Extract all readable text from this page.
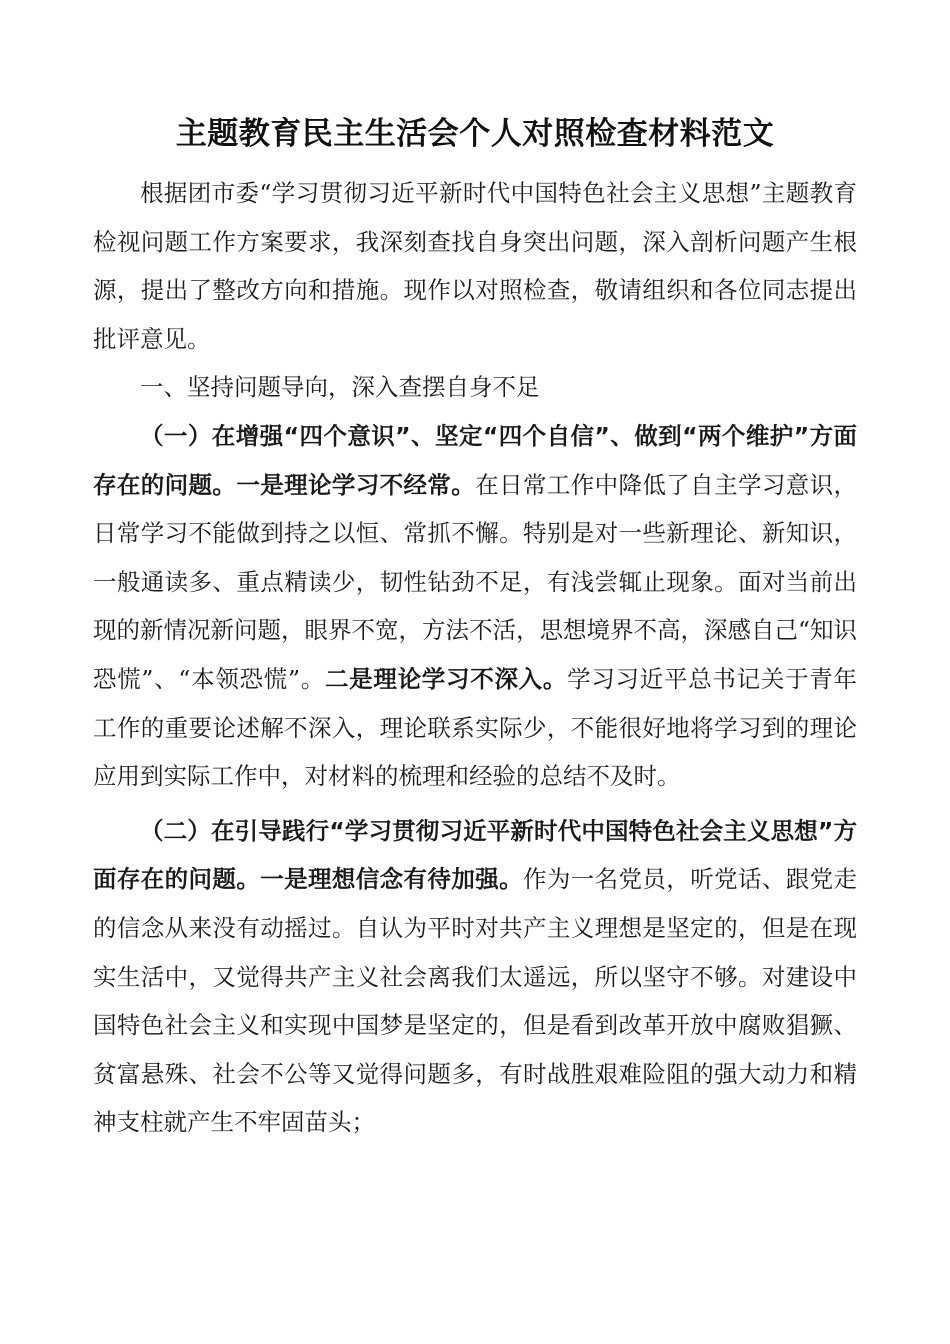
主题教育民主生活会个人对照检查材料范文

根据团市委“学习贯彻习近平新时代中国特色社会主义思想”主题教育检视问题工作方案要求，我深刻查找自身突出问题，深入剖析问题产生根源，提出了整改方向和措施。现作以对照检查，敬请组织和各位同志提出批评意见。

一、坚持问题导向，深入查摆自身不足

（一）在增强“四个意识”、坚定“四个自信”、做到“两个维护”方面存在的问题。一是理论学习不经常。在日常工作中降低了自主学习意识，日常学习不能做到持之以恒、常抓不懈。特别是对一些新理论、新知识，一般通读多、重点精读少，韧性钻劲不足，有浅尝辄止现象。面对当前出现的新情况新问题，眼界不宽，方法不活，思想境界不高，深感自己“知识恐慌”、“本领恐慌”。二是理论学习不深入。学习习近平总书记关于青年工作的重要论述解不深入，理论联系实际少，不能很好地将学习到的理论应用到实际工作中，对材料的梳理和经验的总结不及时。

（二）在引导践行“学习贯彻习近平新时代中国特色社会主义思想”方面存在的问题。一是理想信念有待加强。作为一名党员，听党话、跟党走的信念从来没有动摇过。自认为平时对共产主义理想是坚定的，但是在现实生活中，又觉得共产主义社会离我们太遥远，所以坚守不够。对建设中国特色社会主义和实现中国梦是坚定的，但是看到改革开放中腐败猖獗、贫富悬殊、社会不公等又觉得问题多，有时战胜艰难险阻的强大动力和精神支柱就产生不牢固苗头；
